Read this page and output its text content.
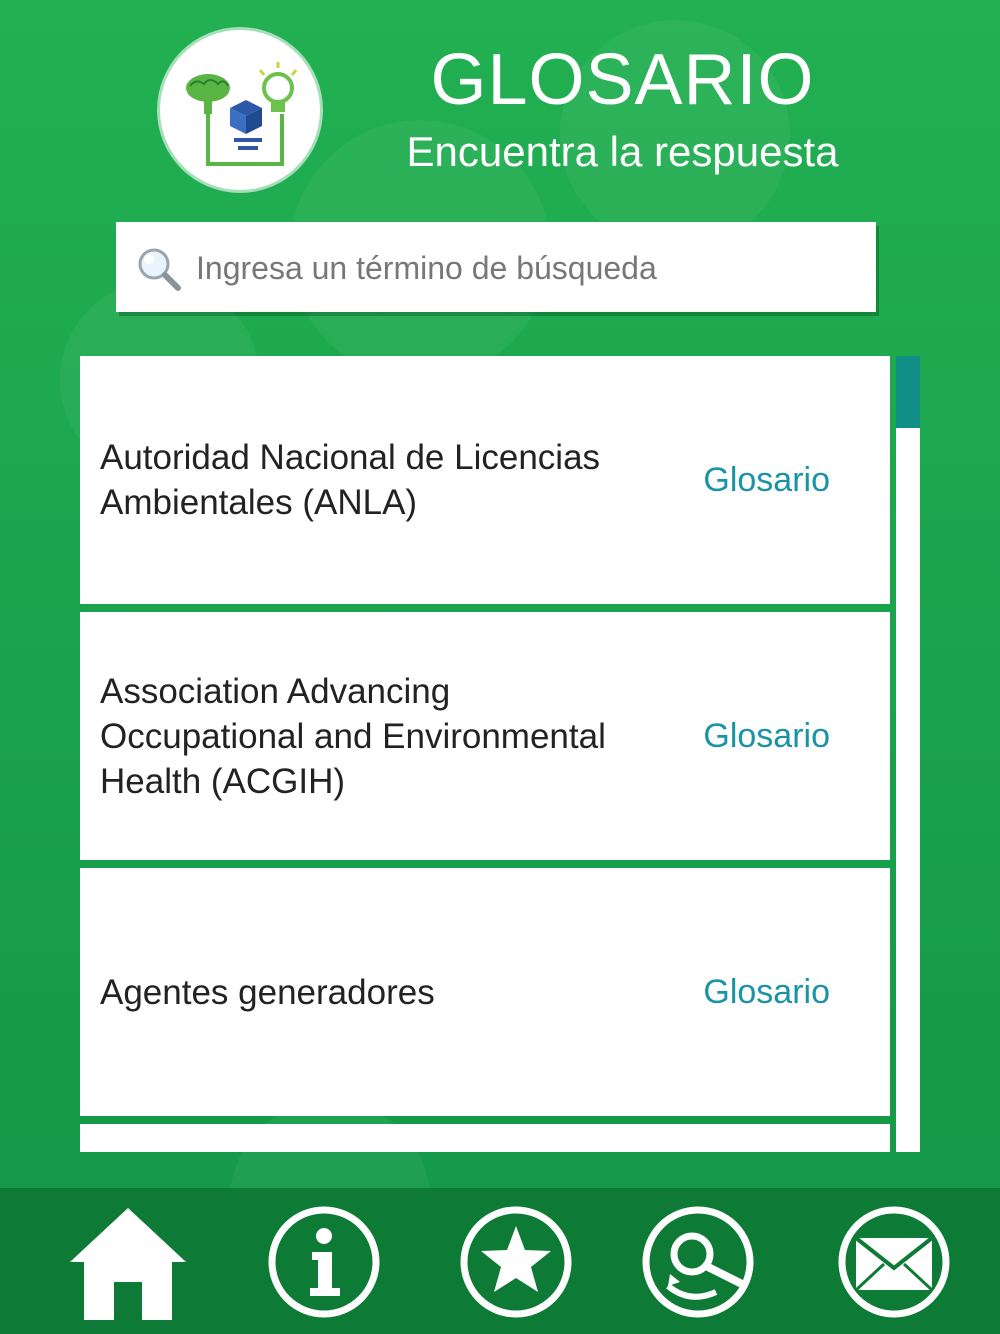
GLOSARIO
Encuentra la respuesta
Ingresa un término de búsqueda
Autoridad Nacional de Licencias Ambientales (ANLA)
Glosario
Association Advancing Occupational and Environmental Health (ACGIH)
Glosario
Agentes generadores	Glosario
